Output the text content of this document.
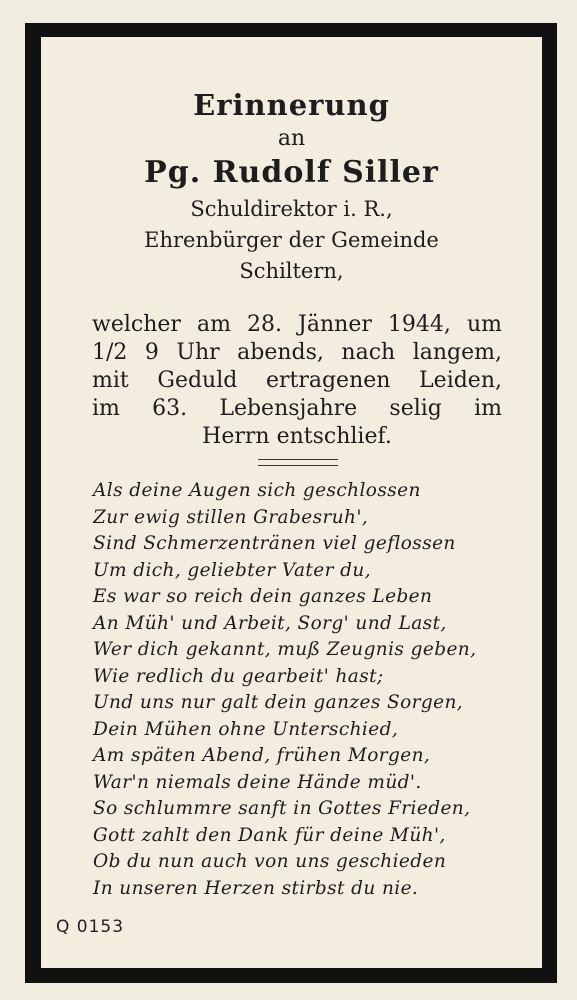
Erinnerung

an

Pg. Rudolf Siller

Schuldirektor i. R.,

Ehrenbürger der Gemeinde

Schiltern,

welcher am 28. Jänner 1944, um
1/2 9 Uhr abends, nach langem,
mit Geduld ertragenen Leiden,
im 63. Lebensjahre selig im
Herrn entschlief.
Als deine Augen sich geschlossen
Zur ewig stillen Grabesruh',
Sind Schmerzentränen viel geflossen
Um dich, geliebter Vater du,
Es war so reich dein ganzes Leben
An Müh' und Arbeit, Sorg' und Last,
Wer dich gekannt, muß Zeugnis geben,
Wie redlich du gearbeit' hast;
Und uns nur galt dein ganzes Sorgen,
Dein Mühen ohne Unterschied,
Am späten Abend, frühen Morgen,
War'n niemals deine Hände müd'.
So schlummre sanft in Gottes Frieden,
Gott zahlt den Dank für deine Müh',
Ob du nun auch von uns geschieden
In unseren Herzen stirbst du nie.
Q 0153
